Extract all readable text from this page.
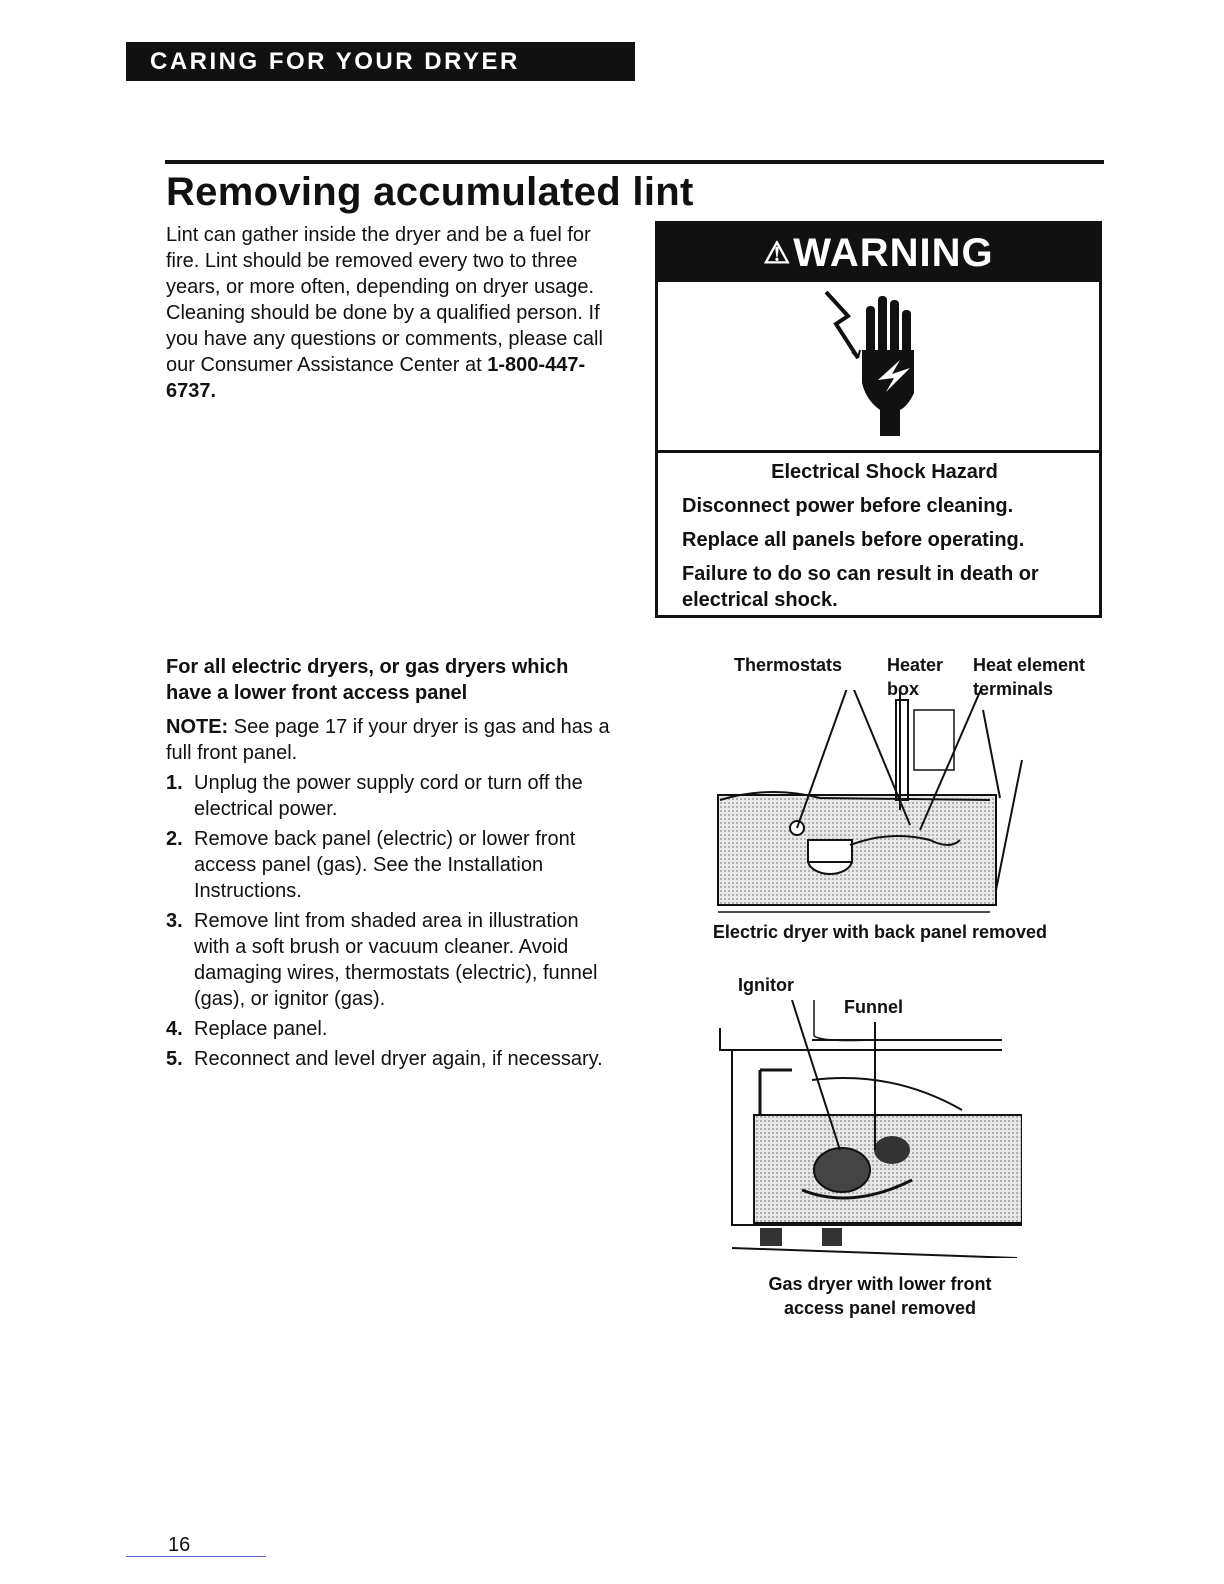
CARING FOR YOUR DRYER
Removing accumulated lint

Lint can gather inside the dryer and be a fuel for fire. Lint should be removed every two to three years, or more often, depending on dryer usage. Cleaning should be done by a qualified person. If you have any questions or comments, please call our Consumer Assistance Center at 1-800-447-6737.

⚠ WARNING

Electrical Shock Hazard

Disconnect power before cleaning.

Replace all panels before operating.

Failure to do so can result in death or electrical shock.

For all electric dryers, or gas dryers which have a lower front access panel

NOTE: See page 17 if your dryer is gas and has a full front panel.

1. Unplug the power supply cord or turn off the electrical power.
2. Remove back panel (electric) or lower front access panel (gas). See the Installation Instructions.
3. Remove lint from shaded area in illustration with a soft brush or vacuum cleaner. Avoid damaging wires, thermostats (electric), funnel (gas), or ignitor (gas).
4. Replace panel.
5. Reconnect and level dryer again, if necessary.
Thermostats Heater
box
Heat element
terminals
Electric dryer with back panel removed
Ignitor
Funnel
Gas dryer with lower front
access panel removed
16
